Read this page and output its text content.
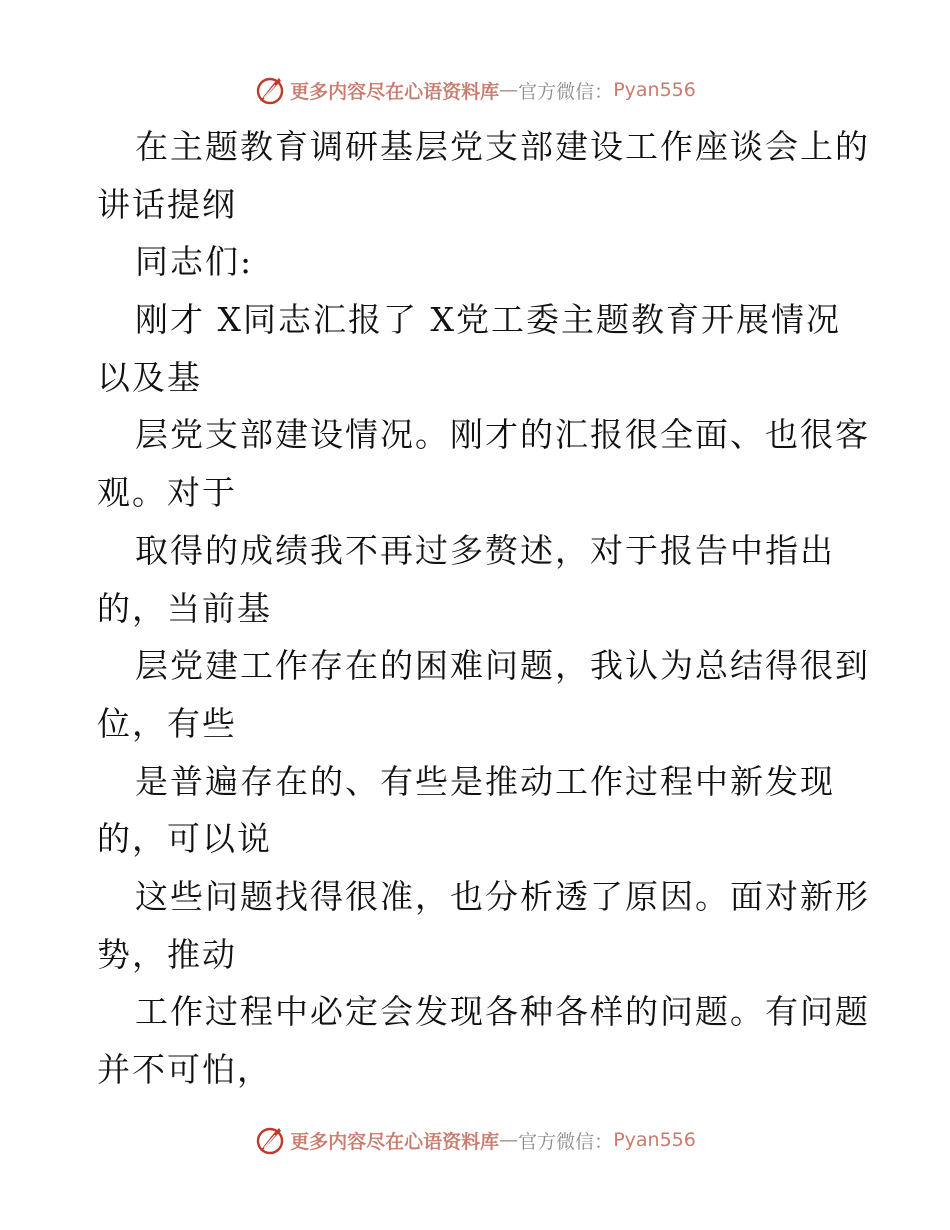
更多内容尽在心语资料库 — 官方微信： Pyan556
在主题教育调研基层党支部建设工作座谈会上的
讲话提纲
同志们:
刚才 X同志汇报了 X党工委主题教育开展情况
以及基
层党支部建设情况。刚才的汇报很全面、也很客
观。对于
取得的成绩我不再过多赘述，对于报告中指出
的，当前基
层党建工作存在的困难问题，我认为总结得很到
位，有些
是普遍存在的、有些是推动工作过程中新发现
的，可以说
这些问题找得很准，也分析透了原因。面对新形
势，推动
工作过程中必定会发现各种各样的问题。有问题
并不可怕，
更多内容尽在心语资料库 — 官方微信： Pyan556
